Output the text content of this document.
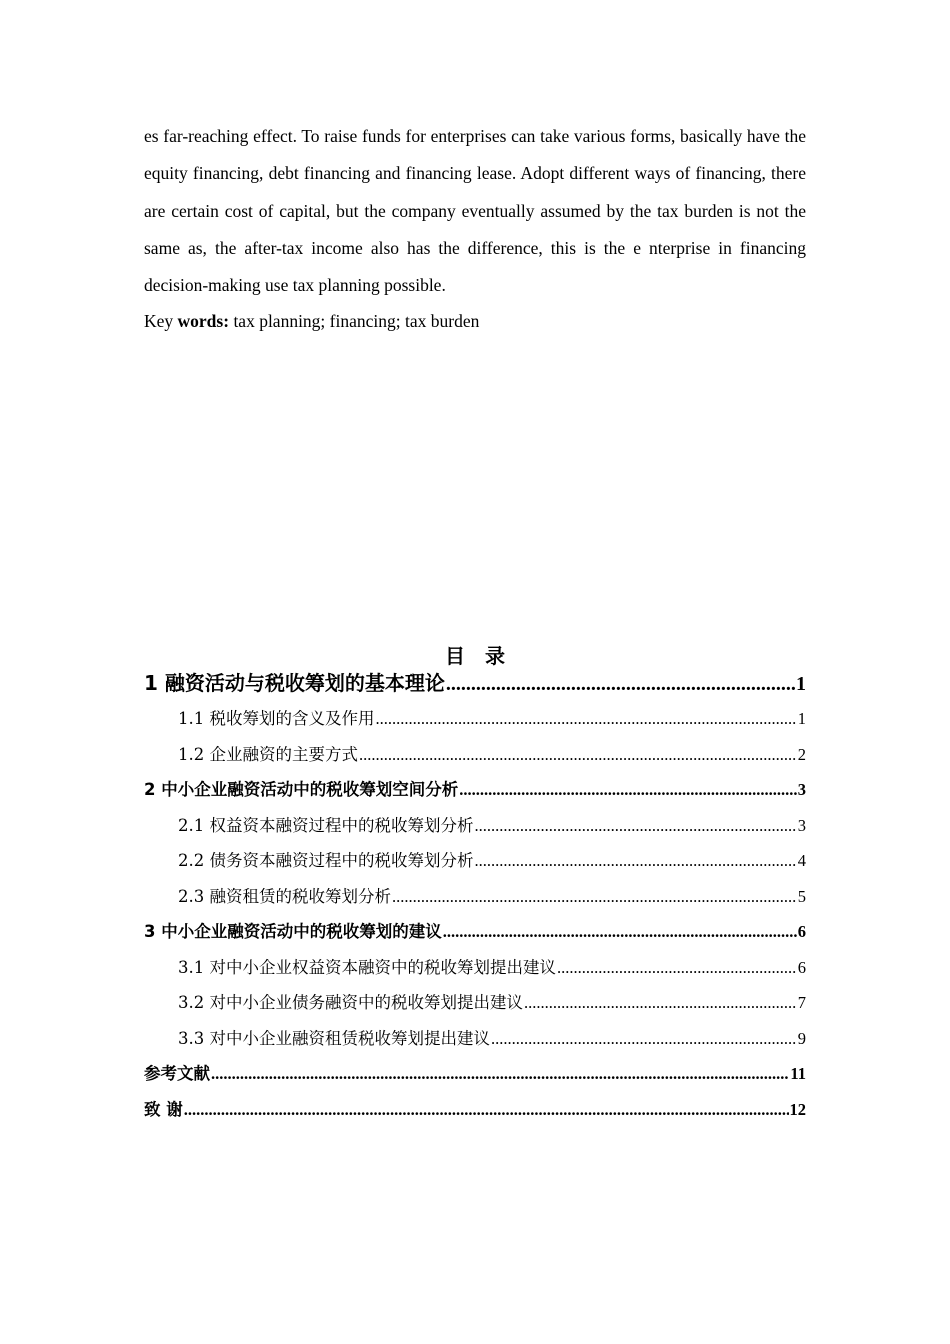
es far-reaching effect. To raise funds for enterprises can take various forms, basically have the equity financing, debt financing and financing lease. Adopt different ways of financing, there are certain cost of capital, but the company eventually assumed by the tax burden is not the same as, the after-tax income also has the difference, this is the e nterprise in financing decision-making use tax planning possible.

Key words: tax planning; financing; tax burden

目　录
1 融资活动与税收筹划的基本理论 .....	1
1.1 税收筹划的含义及作用 .....	1
1.2 企业融资的主要方式 .....	2
2 中小企业融资活动中的税收筹划空间分析 .....	3
2.1 权益资本融资过程中的税收筹划分析 .....	3
2.2 债务资本融资过程中的税收筹划分析 .....	4
2.3 融资租赁的税收筹划分析 .....	5
3 中小企业融资活动中的税收筹划的建议 .....	6
3.1 对中小企业权益资本融资中的税收筹划提出建议 .....	6
3.2 对中小企业债务融资中的税收筹划提出建议 .....	7
3.3 对中小企业融资租赁税收筹划提出建议 .....	9
参考文献 .....	11
致 谢 .....	12
